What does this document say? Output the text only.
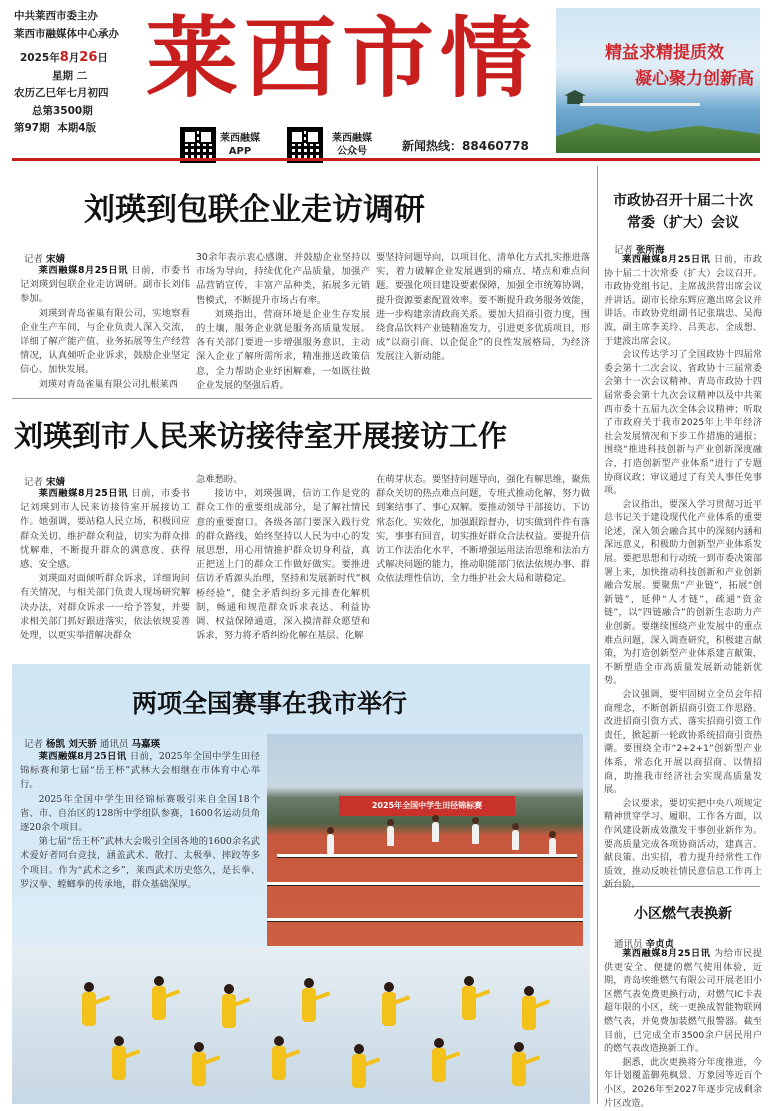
中共莱西市委主办
莱西市融媒体中心承办
2025年8月26日
星期 二
农历乙巳年七月初四
总第3500期
第97期 本期4版
莱西市情
莱西融媒
APP
莱西融媒
公众号	新闻热线：88460778
精益求精提质效
凝心聚力创新高
刘瑛到包联企业走访调研
记者 宋婧

莱西融媒8月25日讯 日前，市委书记刘瑛到包联企业走访调研。副市长刘伟参加。

刘瑛到青岛雀巢有限公司，实地察看企业生产车间，与企业负责人深入交流，详细了解产能产值、业务拓展等生产经营情况，认真倾听企业诉求，鼓励企业坚定信心、加快发展。

刘瑛对青岛雀巢有限公司扎根莱西

30余年表示衷心感谢，并鼓励企业坚持以市场为导向，持续优化产品质量，加强产品营销宣传，丰富产品种类，拓展多元销售模式，不断提升市场占有率。

刘瑛指出，营商环境是企业生存发展的土壤，服务企业就是服务高质量发展。各有关部门要进一步增强服务意识，主动深入企业了解所需所求，精准推送政策信息，全力帮助企业纾困解难，一如既往做企业发展的坚强后盾。

要坚持问题导向，以项目化、清单化方式扎实推进落实，着力破解企业发展遇到的痛点、堵点和难点问题。要强化项目建设要素保障，加强全市统筹协调，提升资源要素配置效率。要不断提升政务服务效能，进一步构建亲清政商关系。要加大招商引资力度，围绕食品饮料产业链精准发力，引进更多优质项目，形成“以商引商、以企促企”的良性发展格局，为经济发展注入新动能。
刘瑛到市人民来访接待室开展接访工作
记者 宋婧

莱西融媒8月25日讯 日前，市委书记刘瑛到市人民来访接待室开展接访工作。她强调，要站稳人民立场，积极回应群众关切、维护群众利益，切实为群众排忧解难，不断提升群众的满意度、获得感、安全感。

刘瑛面对面倾听群众诉求，详细询问有关情况，与相关部门负责人现场研究解决办法，对群众诉求一一给予答复，并要求相关部门抓好跟进落实，依法依规妥善处理，以更实举措解决群众

急难愁盼。

接访中，刘瑛强调，信访工作是党的群众工作的重要组成部分，是了解社情民意的重要窗口。各级各部门要深入践行党的群众路线，始终坚持以人民为中心的发展思想，用心用情推护群众切身利益，真正把送上门的群众工作做好做实。要推进信访矛盾源头治理，坚持和发展新时代“枫桥经验”，健全矛盾纠纷多元排查化解机制，畅通和规范群众诉求表达、利益协调、权益保障通道，深入摸清群众愿望和诉求，努力将矛盾纠纷化解在基层、化解

在萌芽状态。要坚持问题导向，强化有解思维，聚焦群众关切的热点难点问题，专班式推动化解，努力做到案结事了、事心双解。要推动领导干部接访、下访常态化、实效化，加强跟踪督办，切实做到件件有落实，事事有回音，切实推好群众合法权益。要提升信访工作法治化水平，不断增强运用法治思维和法治方式解决问题的能力，推动职能部门依法依规办事、群众依法理性信访，全力维护社会大局和谐稳定。
两项全国赛事在我市举行
记者 杨凯 刘天骄 通讯员 马嘉瑛

莱西融媒8月25日讯 日前，2025年全国中学生田径锦标赛和第七届“岳王杯”武林大会相继在市体育中心举行。

2025年全国中学生田径锦标赛吸引来自全国18个省、市、自治区的128所中学组队参赛，1600名运动员角逐20余个项目。

第七届“岳王杯”武林大会吸引全国各地的1600余名武术爱好者同台竞技，涵盖武术、散打、太极拳、摔跤等多个项目。作为“武术之乡”，莱西武术历史悠久，是长拳、罗汉拳、螳螂拳的传承地，群众基础深厚。

2025年全国中学生田径锦标赛
市政协召开十届二十次
常委（扩大）会议
记者 张所海

莱西融媒8月25日讯 日前，市政协十届二十次常委（扩大）会议召开。市政协党组书记、主席战洪营出席会议并讲话。副市长徐东辉应邀出席会议并讲话。市政协党组副书记张瑞忠、吴海波，副主席李美玲、吕英志、全成想、于建波出席会议。

会议传达学习了全国政协十四届常委会第十二次会议、省政协十三届常委会第十一次会议精神、青岛市政协十四届常委会第十九次会议精神以及中共莱西市委十五届九次全体会议精神；听取了市政府关于我市2025年上半年经济社会发展情况和下步工作措施的通报；围绕“推进科技创新与产业创新深度融合，打造创新型产业体系”进行了专题协商议政；审议通过了有关人事任免事项。

会议指出，要深入学习贯彻习近平总书记关于建设现代化产业体系的重要论述，深入领会融合其中的深刻内涵和深远意义，积极助力创新型产业体系发展。要把思想和行动统一到市委决策部署上来，加快推动科技创新和产业创新融合发展。要聚焦“产业链”，拓展“创新链”，延伸“人才链”，疏通“资金链”，以“四链融合”的创新生态助力产业创新。要继续围绕产业发展中的重点难点问题，深入调查研究，积极建言献策，为打造创新型产业体系建言献策，不断塑造全市高质量发展新动能新优势。

会议强调，要牢固树立全员会年招商理念，不断创新招商引资工作思路、改进招商引资方式、落实招商引资工作责任，掀起新一轮政协系统招商引资热潮。要围绕全市“2+2+1”创新型产业体系，常态化开展以商招商、以情招商，助推我市经济社会实现高质量发展。

会议要求，要切实把中央八项规定精神贯穿学习、履职、工作各方面，以作风建设新成效激发干事创业新作为。要高质量完成各项协商活动，建真言、献良策、出实招，着力提升经常性工作质效，推动反映社情民意信息工作再上

小区燃气表换新
通讯员 辛贞贞

莱西融媒8月25日讯 为给市民提供更安全、便捷的燃气使用体验，近期，青岛埃维燃气有限公司开展老旧小区燃气表免费更换行动，对燃气IC卡表超年限的小区，统一更换成智能物联网燃气表，并免费加装燃气报警器。截至目前，已完成全市3500余户居民用户的燃气表改造换新工作。

据悉，此次更换将分年度推进，今年计划覆盖御苑枫景、万象园等近百个小区，2026年至2027年逐步完成剩余片区改造。
